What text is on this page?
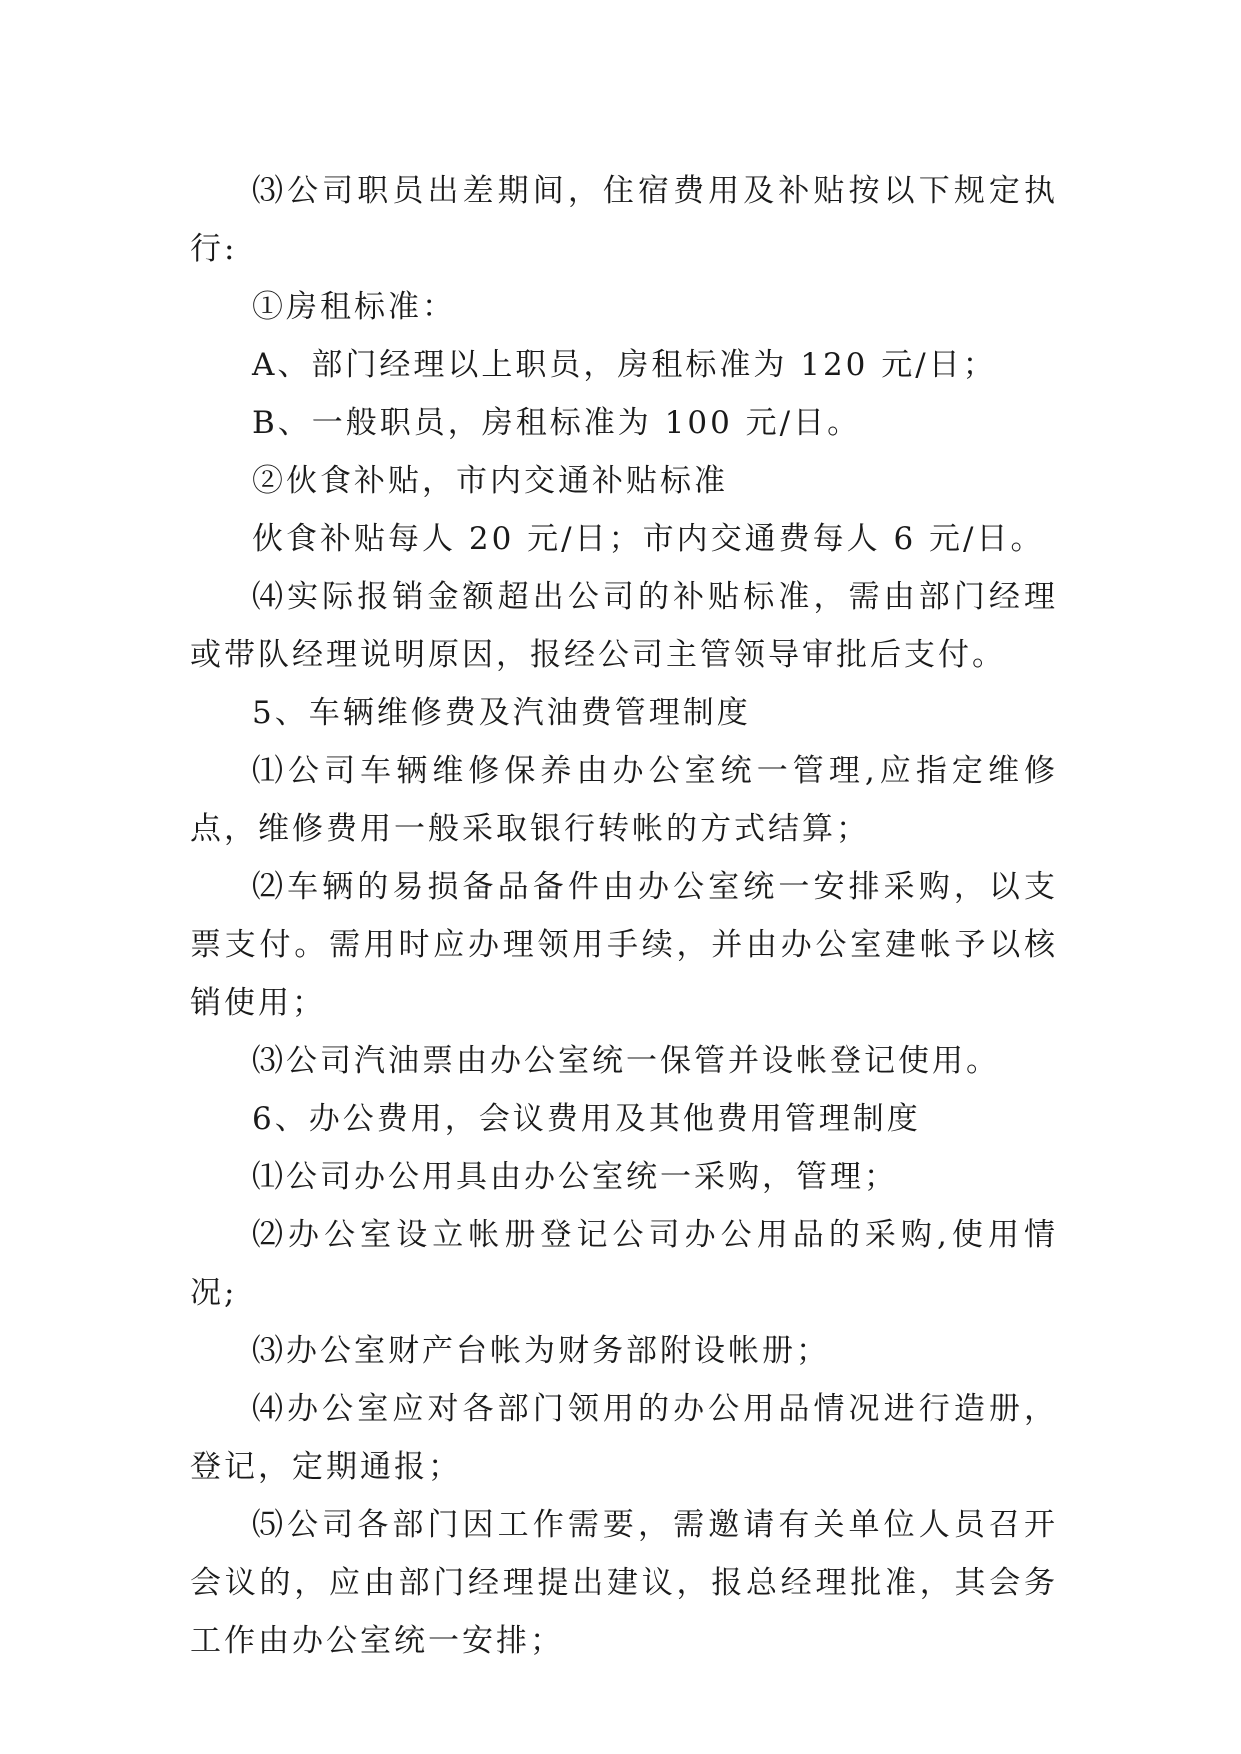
⑶公司职员出差期间，住宿费用及补贴按以下规定执行:

①房租标准：

A、部门经理以上职员，房租标准为 120 元/日；

B、一般职员，房租标准为 100 元/日。

②伙食补贴，市内交通补贴标准

伙食补贴每人 20 元/日；市内交通费每人 6 元/日。

⑷实际报销金额超出公司的补贴标准，需由部门经理或带队经理说明原因，报经公司主管领导审批后支付。

5、车辆维修费及汽油费管理制度

⑴公司车辆维修保养由办公室统一管理,应指定维修点，维修费用一般采取银行转帐的方式结算；

⑵车辆的易损备品备件由办公室统一安排采购，以支票支付。需用时应办理领用手续，并由办公室建帐予以核销使用；

⑶公司汽油票由办公室统一保管并设帐登记使用。

6、办公费用，会议费用及其他费用管理制度

⑴公司办公用具由办公室统一采购，管理；

⑵办公室设立帐册登记公司办公用品的采购,使用情况;

⑶办公室财产台帐为财务部附设帐册；

⑷办公室应对各部门领用的办公用品情况进行造册，登记，定期通报；

⑸公司各部门因工作需要，需邀请有关单位人员召开会议的，应由部门经理提出建议，报总经理批准，其会务工作由办公室统一安排；
